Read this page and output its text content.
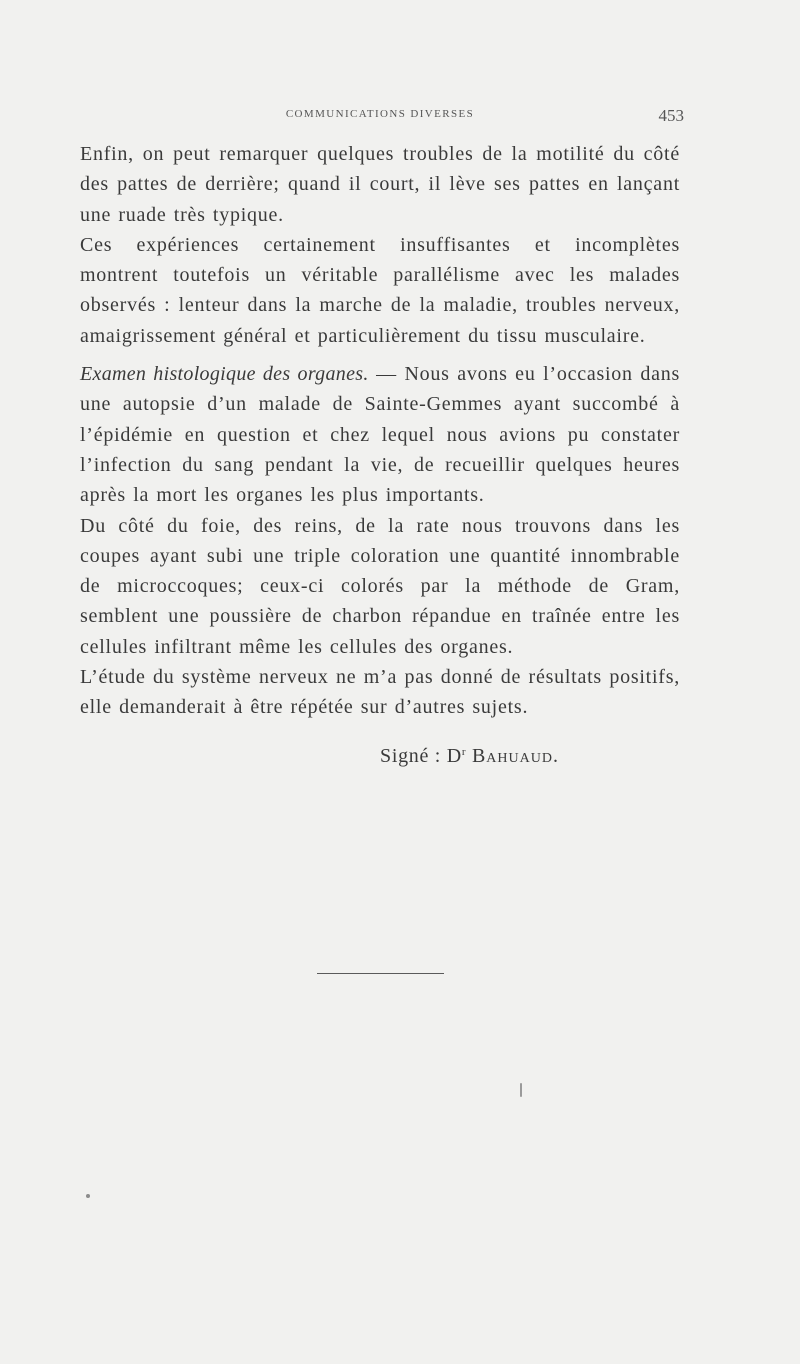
COMMUNICATIONS DIVERSES	453

Enfin, on peut remarquer quelques troubles de la motilité du côté des pattes de derrière; quand il court, il lève ses pattes en lançant une ruade très typique.

Ces expériences certainement insuffisantes et incomplètes montrent toutefois un véritable parallélisme avec les malades observés : lenteur dans la marche de la maladie, troubles nerveux, amaigrissement général et particulièrement du tissu musculaire.

Examen histologique des organes. — Nous avons eu l’occasion dans une autopsie d’un malade de Sainte-Gemmes ayant succombé à l’épidémie en question et chez lequel nous avions pu constater l’infection du sang pendant la vie, de recueillir quelques heures après la mort les organes les plus importants.

Du côté du foie, des reins, de la rate nous trouvons dans les coupes ayant subi une triple coloration une quantité innombrable de microccoques; ceux-ci colorés par la méthode de Gram, semblent une poussière de charbon répandue en traînée entre les cellules infiltrant même les cellules des organes.

L’étude du système nerveux ne m’a pas donné de résultats positifs, elle demanderait à être répétée sur d’autres sujets.

Signé : $D^r$ Bahuaud.
